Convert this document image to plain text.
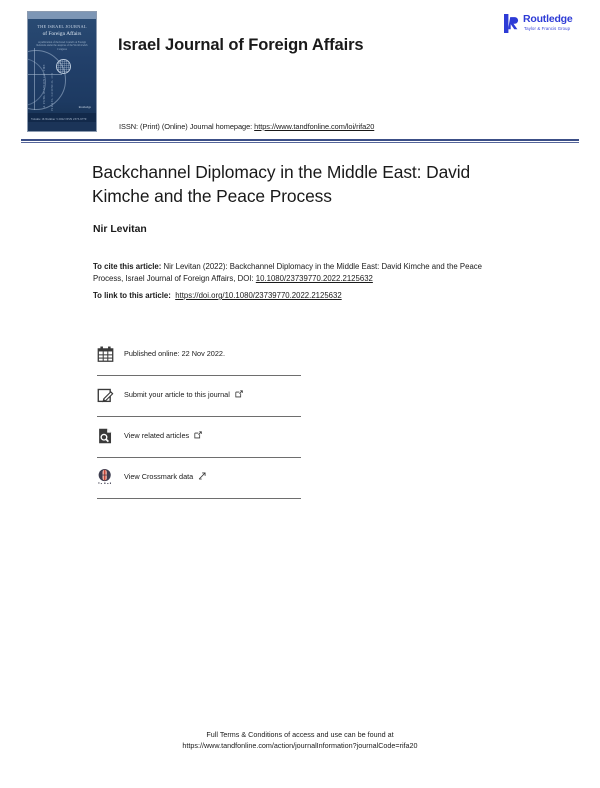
THE ISRAEL JOURNAL
of Foreign Affairs
A publication of the Israel Council on Foreign Relations under the auspices of the World Jewish Congress
A PUBLICATION OF THE ISRAEL COUNCIL ON	Routledge
Volume 16 Number 3 2022 ISSN 2373-9770
Israel Journal of Foreign Affairs
ISSN: (Print) (Online) Journal homepage: https://www.tandfonline.com/loi/rifa20
Routledge
Taylor & Francis Group
Backchannel Diplomacy in the Middle East: David Kimche and the Peace Process
Nir Levitan
To cite this article: Nir Levitan (2022): Backchannel Diplomacy in the Middle East: David Kimche and the Peace Process, Israel Journal of Foreign Affairs, DOI: 10.1080/23739770.2022.2125632
To link to this article: https://doi.org/10.1080/23739770.2022.2125632
Published online: 22 Nov 2022.
Submit your article to this journal
View related articles
View Crossmark data
Full Terms & Conditions of access and use can be found at
https://www.tandfonline.com/action/journalInformation?journalCode=rifa20
